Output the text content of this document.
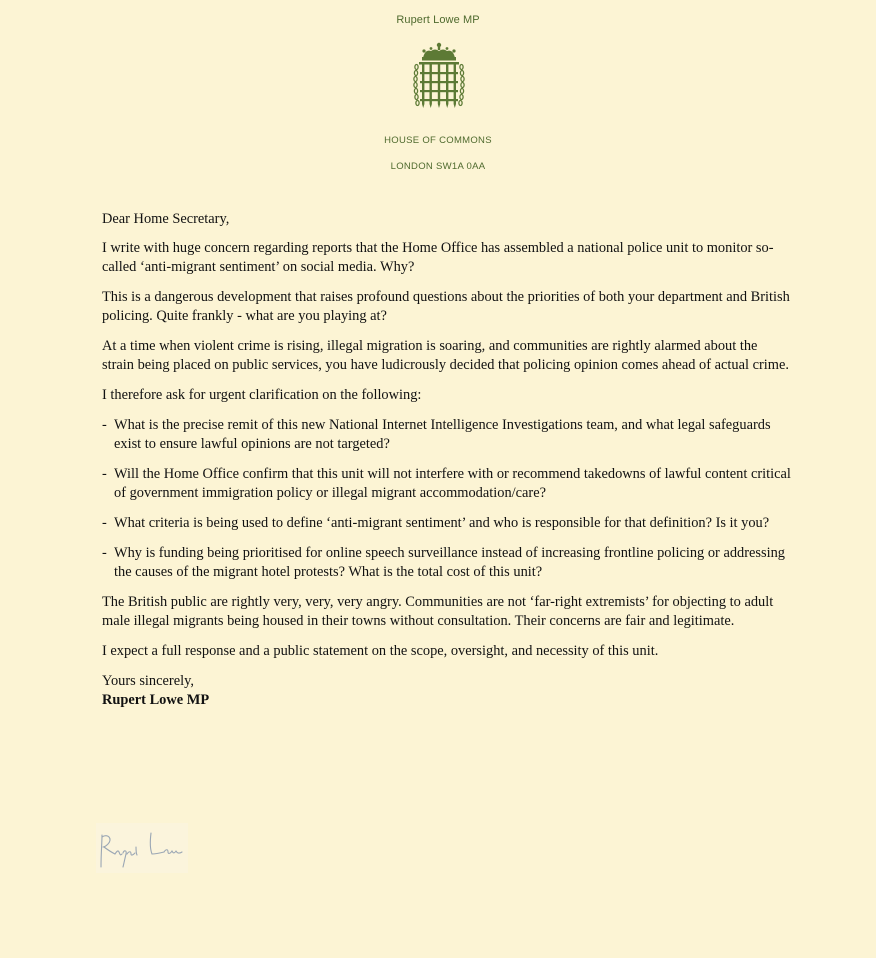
Rupert Lowe MP
HOUSE OF COMMONS
LONDON SW1A 0AA

Dear Home Secretary,

I write with huge concern regarding reports that the Home Office has assembled a national police unit to monitor so-called ‘anti-migrant sentiment’ on social media. Why?

This is a dangerous development that raises profound questions about the priorities of both your department and British policing. Quite frankly - what are you playing at?

At a time when violent crime is rising, illegal migration is soaring, and communities are rightly alarmed about the strain being placed on public services, you have ludicrously decided that policing opinion comes ahead of actual crime.

I therefore ask for urgent clarification on the following:

- What is the precise remit of this new National Internet Intelligence Investigations team, and what legal safeguards exist to ensure lawful opinions are not targeted?
- Will the Home Office confirm that this unit will not interfere with or recommend takedowns of lawful content critical of government immigration policy or illegal migrant accommodation/care?
- What criteria is being used to define ‘anti-migrant sentiment’ and who is responsible for that definition? Is it you?
- Why is funding being prioritised for online speech surveillance instead of increasing frontline policing or addressing the causes of the migrant hotel protests? What is the total cost of this unit?

The British public are rightly very, very, very angry. Communities are not ‘far-right extremists’ for objecting to adult male illegal migrants being housed in their towns without consultation. Their concerns are fair and legitimate.

I expect a full response and a public statement on the scope, oversight, and necessity of this unit.

Yours sincerely,
Rupert Lowe MP
